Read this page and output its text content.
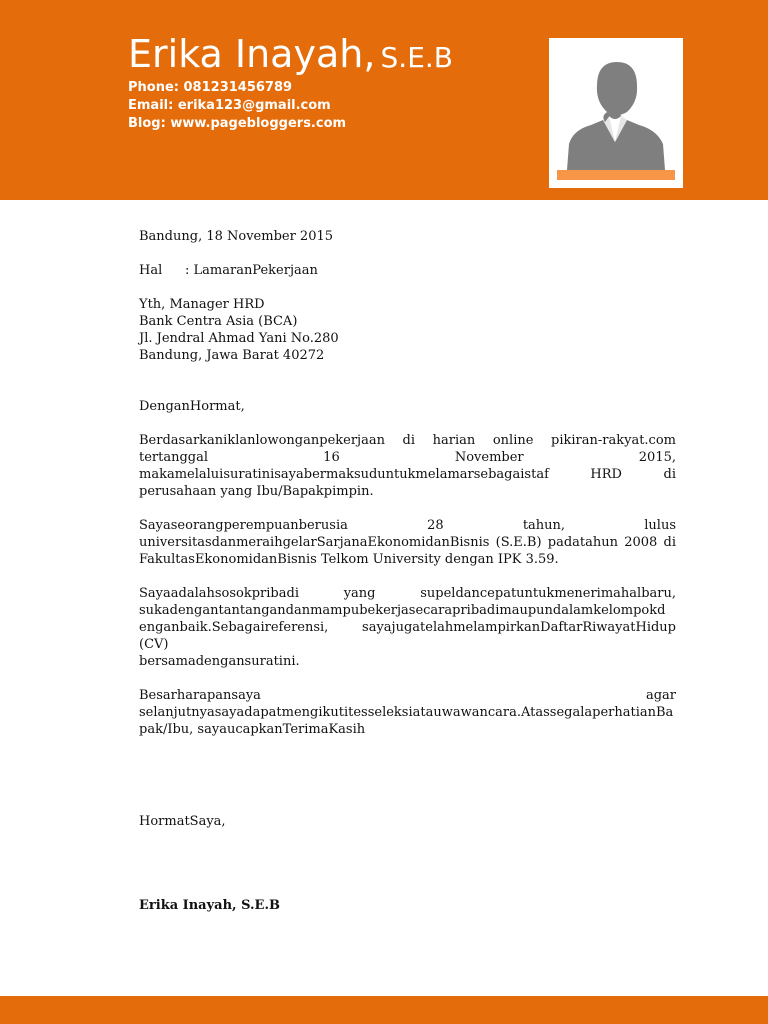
Erika Inayah, S.E.B
Phone: 081231456789
Email: erika123@gmail.com
Blog: www.pagebloggers.com

Bandung, 18 November 2015

Hal : LamaranPekerjaan

Yth, Manager HRD

Bank Centra Asia (BCA)

Jl. Jendral Ahmad Yani No.280

Bandung, Jawa Barat 40272

DenganHormat,

Berdasarkaniklanlowonganpekerjaan di harian online pikiran-rakyat.com

tertanggal 16 November 2015,

makamelaluisuratinisayabermaksuduntukmelamarsebagaistaf HRD di

perusahaan yang Ibu/Bapakpimpin.

Sayaseorangperempuanberusia 28 tahun, lulus

universitasdanmeraihgelarSarjanaEkonomidanBisnis (S.E.B) padatahun 2008 di

FakultasEkonomidanBisnis Telkom University dengan IPK 3.59.

Sayaadalahsosokpribadi yang supeldancepatuntukmenerimahalbaru,

sukadengantantangandanmampubekerjasecarapribadimaupundalamkelompokd

enganbaik.Sebagaireferensi, sayajugatelahmelampirkanDaftarRiwayatHidup (CV)

bersamadengansuratini.

Besarharapansaya agar

selanjutnyasayadapatmengikutitesseleksiatauwawancara.AtassegalaperhatianBa

pak/Ibu, sayaucapkanTerimaKasih

HormatSaya,

Erika Inayah, S.E.B
